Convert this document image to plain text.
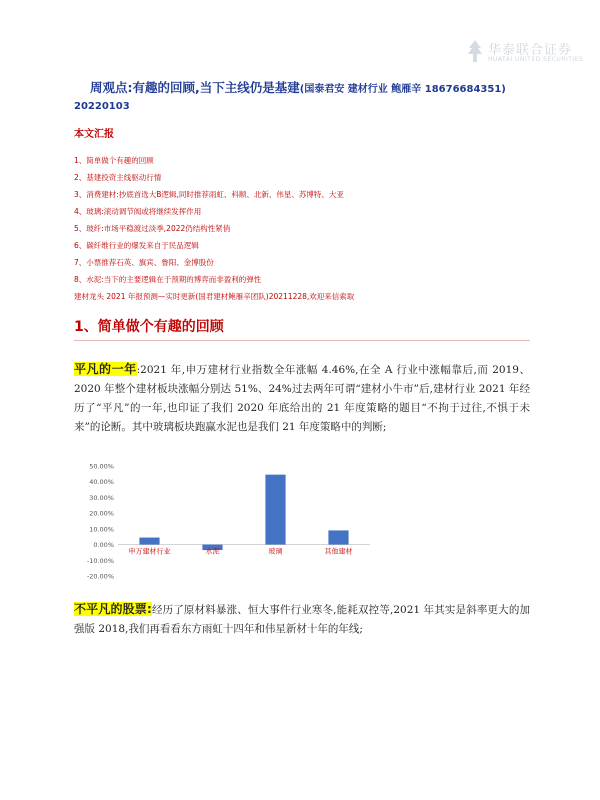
华泰联合证券
HUATAI UNITED SECURITIES
周观点:有趣的回顾,当下主线仍是基建(国泰君安 建材行业 鲍雁辛 18676684351)
20220103
本文汇报
1、简单做个有趣的回顾
2、基建投资主线驱动行情
3、消费建材:抄底首选大B逻辑,同时推荐雨虹、科顺、北新、伟星、苏博特、大亚
4、玻璃:滚动调节阀或将继续发挥作用
5、玻纤:市场平稳渡过淡季,2022仍结构性紧俏
6、碳纤维行业的爆发来自于民品逻辑
7、小票推荐石英、旗宾、鲁阳、金博股份
8、水泥:当下的主要逻辑在于预期的博弈而非盈利的弹性
建材龙头 2021 年报预测—实时更新(国君建材鲍雁辛团队)20211228,欢迎来信索取
1、简单做个有趣的回顾
平凡的一年:2021 年,申万建材行业指数全年涨幅 4.46%,在全 A 行业中涨幅靠后,而 2019、2020 年整个建材板块涨幅分别达 51%、24%过去两年可谓“建材小牛市”后,建材行业 2021 年经历了“平凡”的一年,也印证了我们 2020 年底给出的 21 年度策略的题目“不拘于过往,不惧于未来”的论断。其中玻璃板块跑赢水泥也是我们 21 年度策略中的判断;
50.00%
40.00%
30.00%
20.00%
10.00%
0.00%
-10.00%
-20.00%
申万建材行业	水泥	玻璃	其他建材
不平凡的股票:经历了原材料暴涨、恒大事件行业寒冬,能耗双控等,2021 年其实是斜率更大的加强版 2018,我们再看看东方雨虹十四年和伟星新材十年的年线;
